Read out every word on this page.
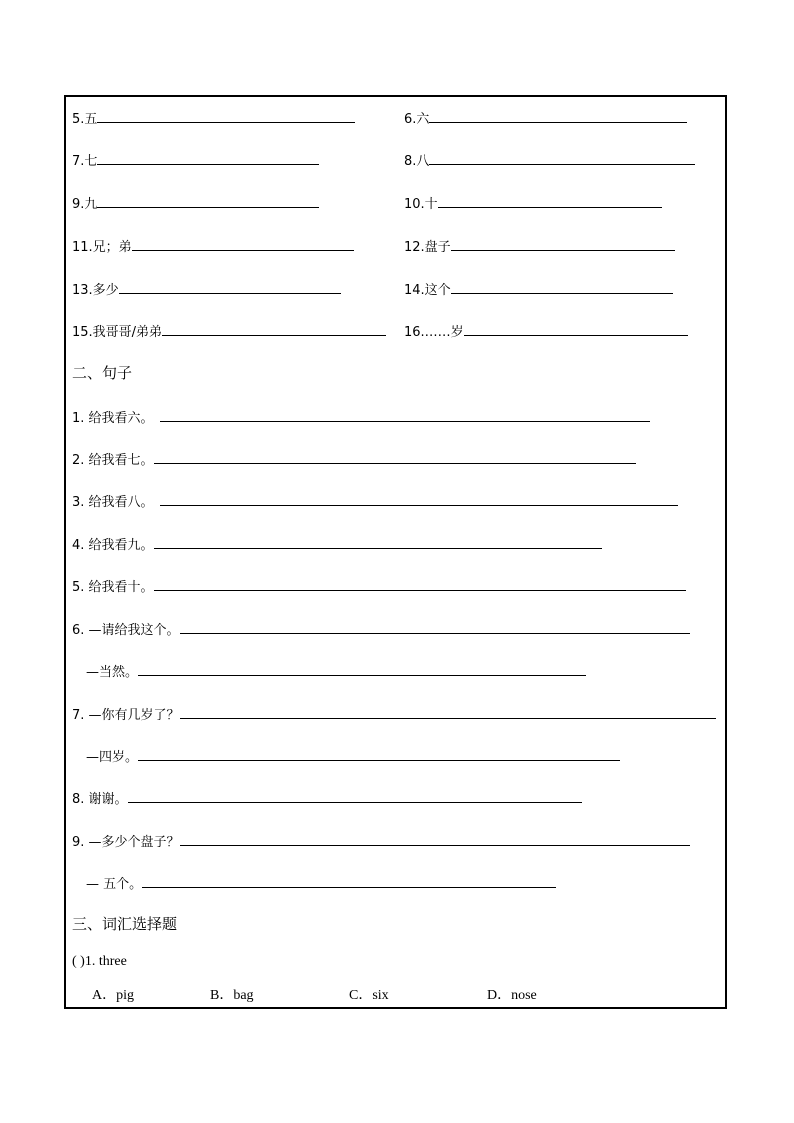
5.五	6.六
7.七	8.八
9.九	10.十
11.兄；弟	12.盘子
13.多少	14.这个
15.我哥哥/弟弟	16.……岁
二、句子
1. 给我看六。
2. 给我看七。
3. 给我看八。
4. 给我看九。
5. 给我看十。
6. —请给我这个。
—当然。
7. —你有几岁了？
—四岁。
8. 谢谢。
9. —多少个盘子？
— 五个。
三、词汇选择题
( )1. three
A．pig	B．bag	C．six	D．nose
